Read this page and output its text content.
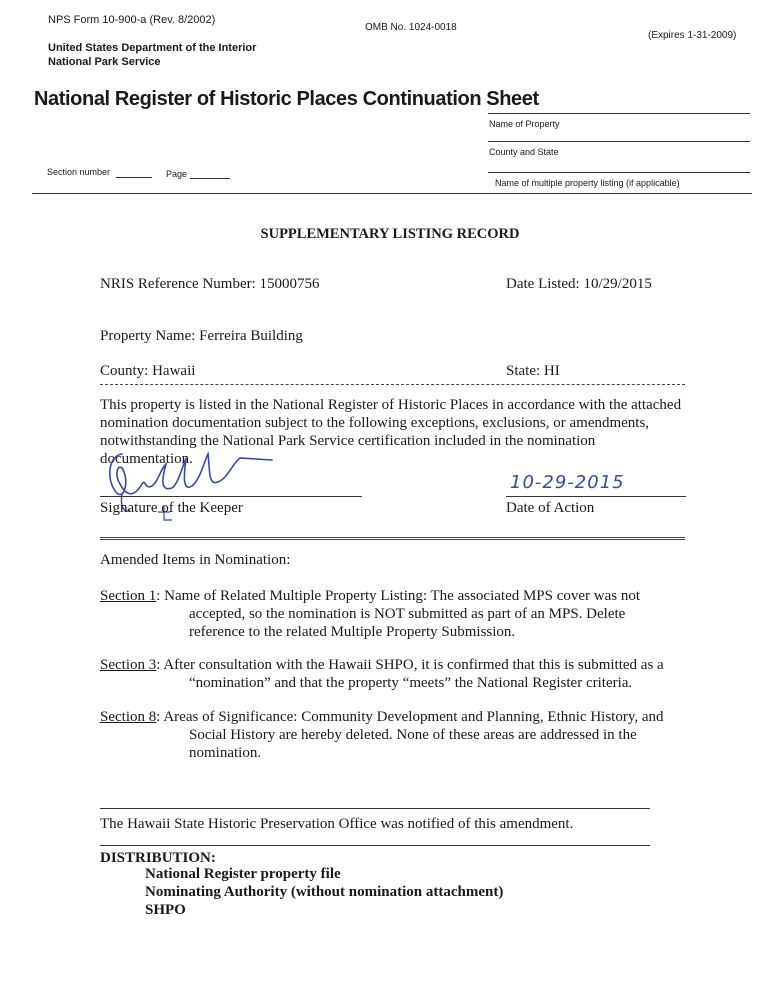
NPS Form 10-900-a (Rev. 8/2002)
OMB No. 1024-0018
(Expires 1-31-2009)
United States Department of the Interior
National Park Service
National Register of Historic Places Continuation Sheet
Name of Property
County and State
Name of multiple property listing (if applicable)
Section number	Page
SUPPLEMENTARY LISTING RECORD
NRIS Reference Number: 15000756	Date Listed: 10/29/2015
Property Name: Ferreira Building
County: Hawaii	State: HI
This property is listed in the National Register of Historic Places in accordance with the attached nomination documentation subject to the following exceptions, exclusions, or amendments, notwithstanding the National Park Service certification included in the nomination documentation.
Signature of the Keeper
10-29-2015
Date of Action
Amended Items in Nomination:
Section 1: Name of Related Multiple Property Listing: The associated MPS cover was not
accepted, so the nomination is NOT submitted as part of an MPS. Delete reference to the related Multiple Property Submission.
Section 3: After consultation with the Hawaii SHPO, it is confirmed that this is submitted as a
“nomination” and that the property “meets” the National Register criteria.
Section 8: Areas of Significance: Community Development and Planning, Ethnic History, and
Social History are hereby deleted. None of these areas are addressed in the nomination.
The Hawaii State Historic Preservation Office was notified of this amendment.
DISTRIBUTION:
National Register property file
Nominating Authority (without nomination attachment)
SHPO
